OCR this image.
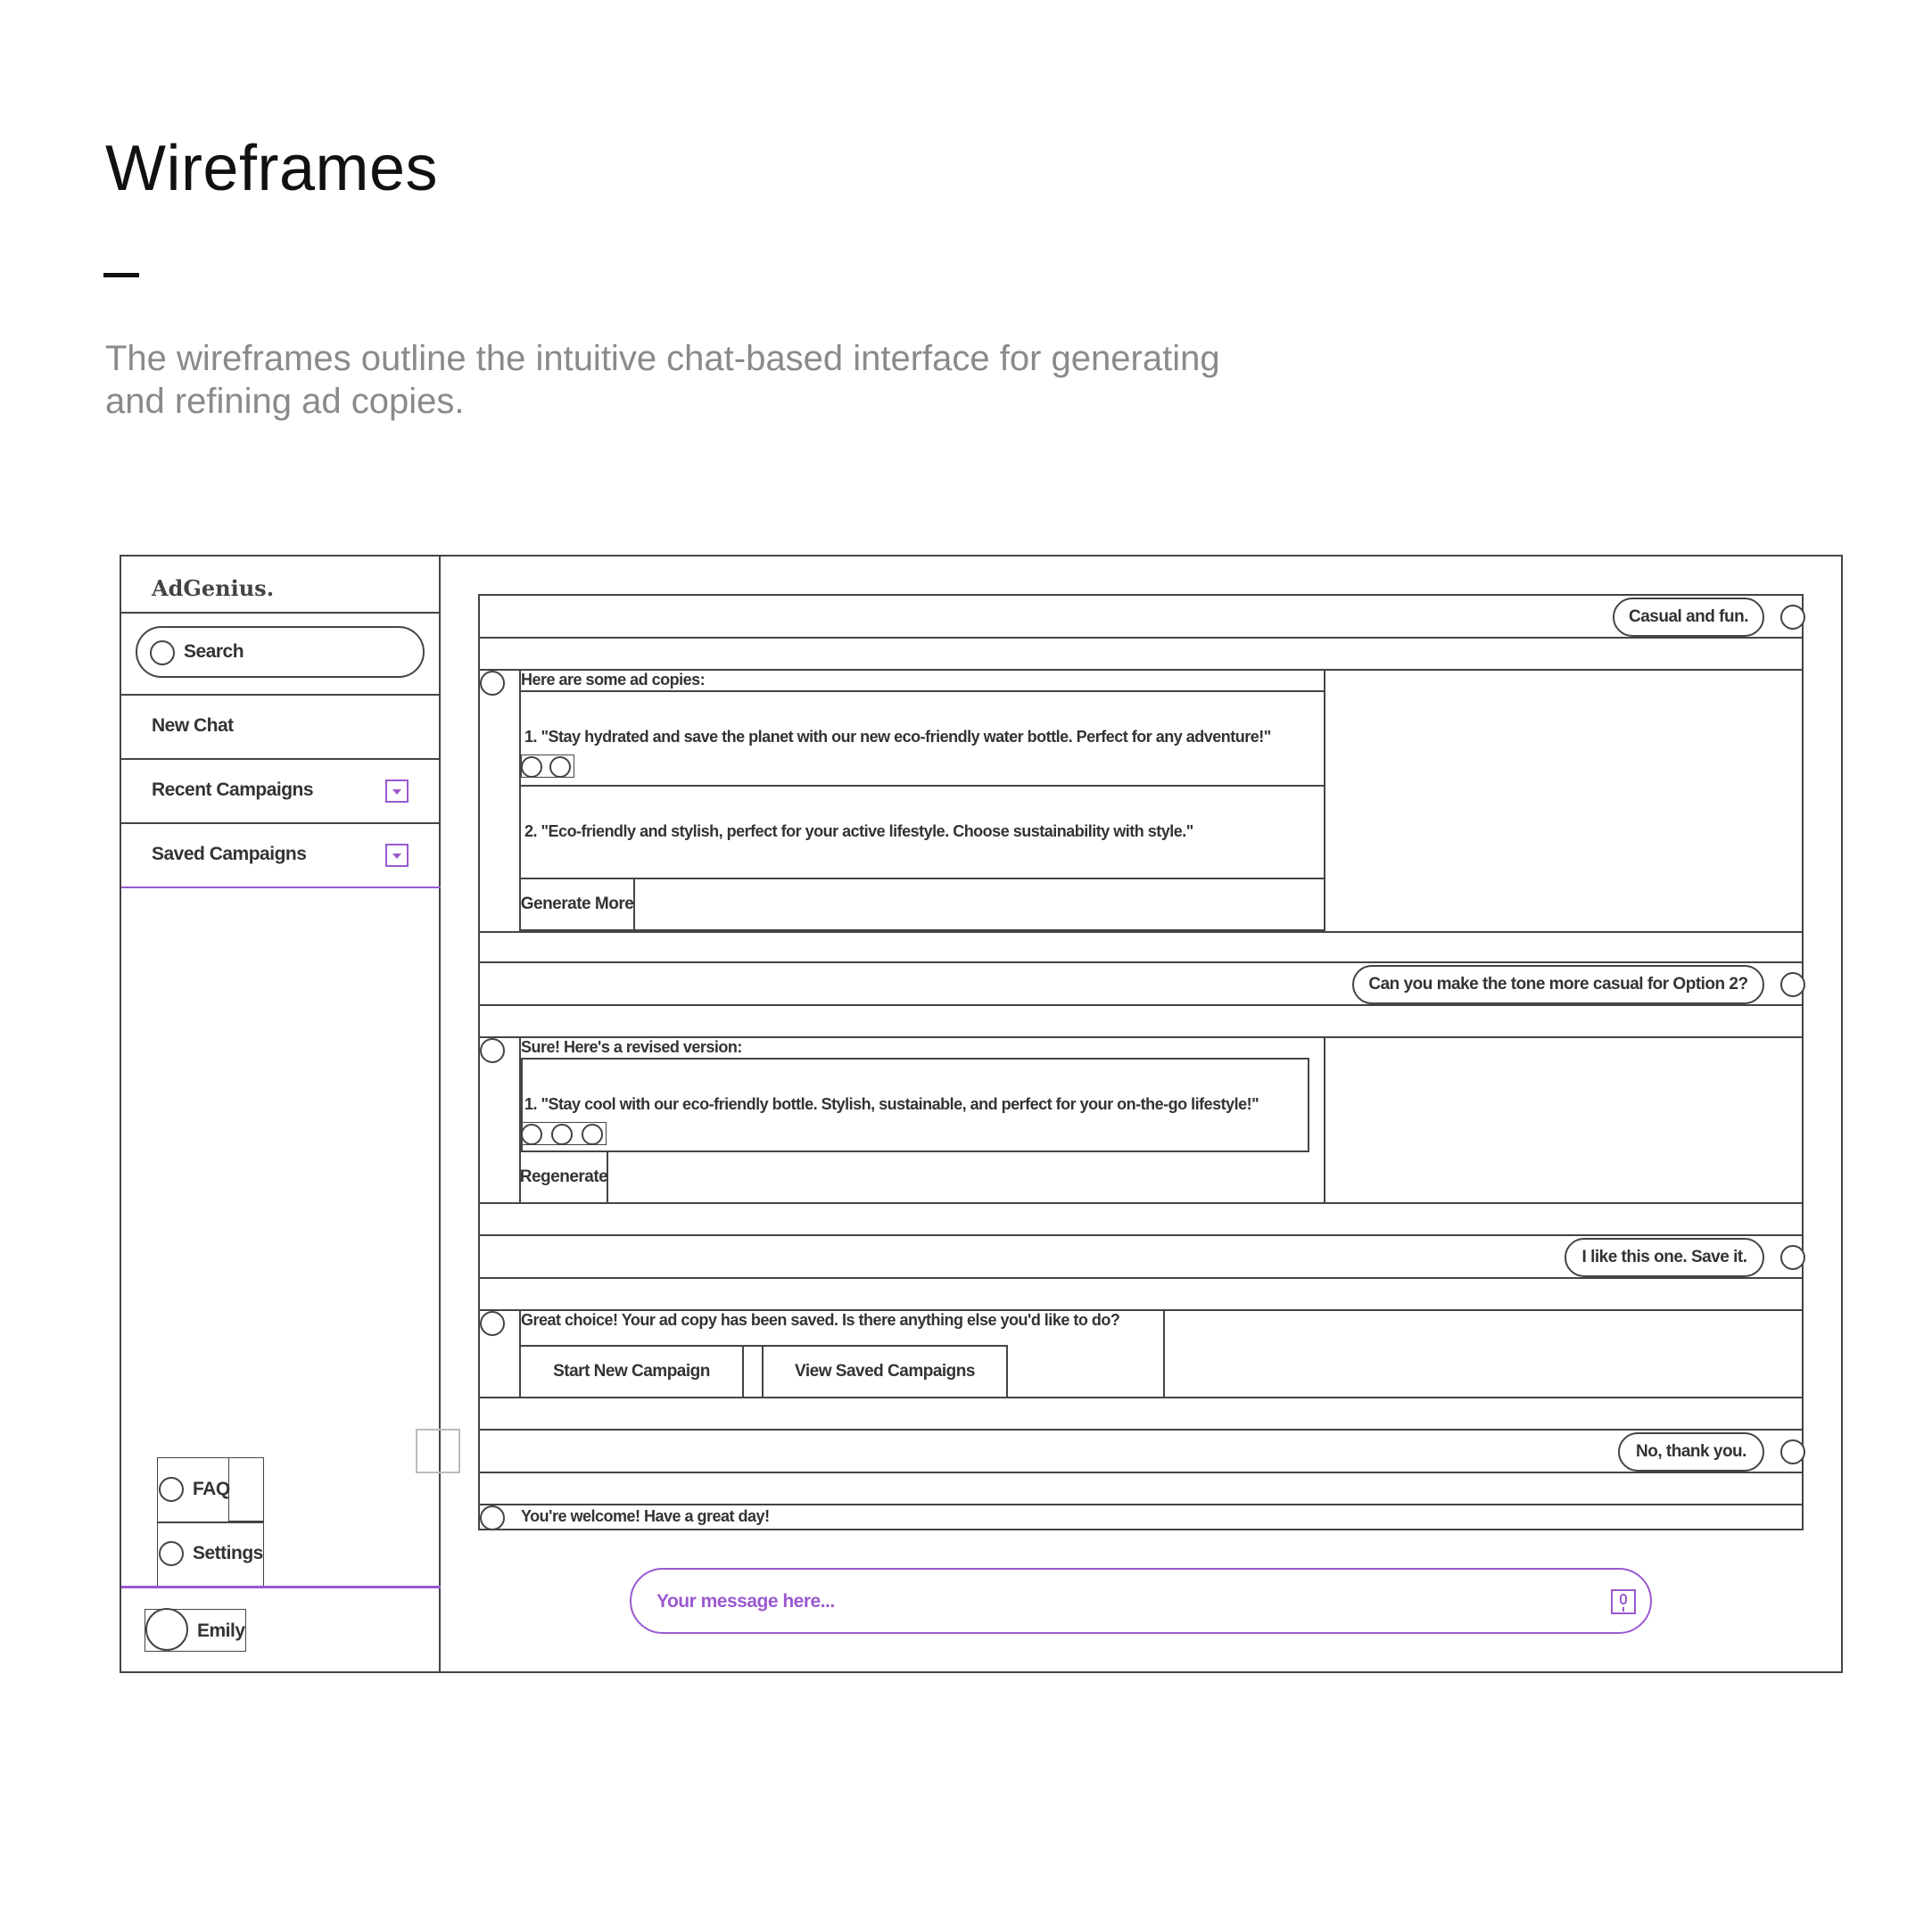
Wireframes
The wireframes outline the intuitive chat-based interface for generating and refining ad copies.
AdGenius.
Search
New Chat
Recent Campaigns
Saved Campaigns
FAQ
Settings
Emily
Casual and fun.
Here are some ad copies:
1. "Stay hydrated and save the planet with our new eco-friendly water bottle. Perfect for any adventure!"
2. "Eco-friendly and stylish, perfect for your active lifestyle. Choose sustainability with style."
Generate More
Can you make the tone more casual for Option 2?
Sure! Here's a revised version:
1. "Stay cool with our eco-friendly bottle. Stylish, sustainable, and perfect for your on-the-go lifestyle!"
Regenerate
I like this one. Save it.
Great choice! Your ad copy has been saved. Is there anything else you'd like to do?
Start New Campaign	View Saved Campaigns
No, thank you.
You're welcome! Have a great day!
Your message here...
